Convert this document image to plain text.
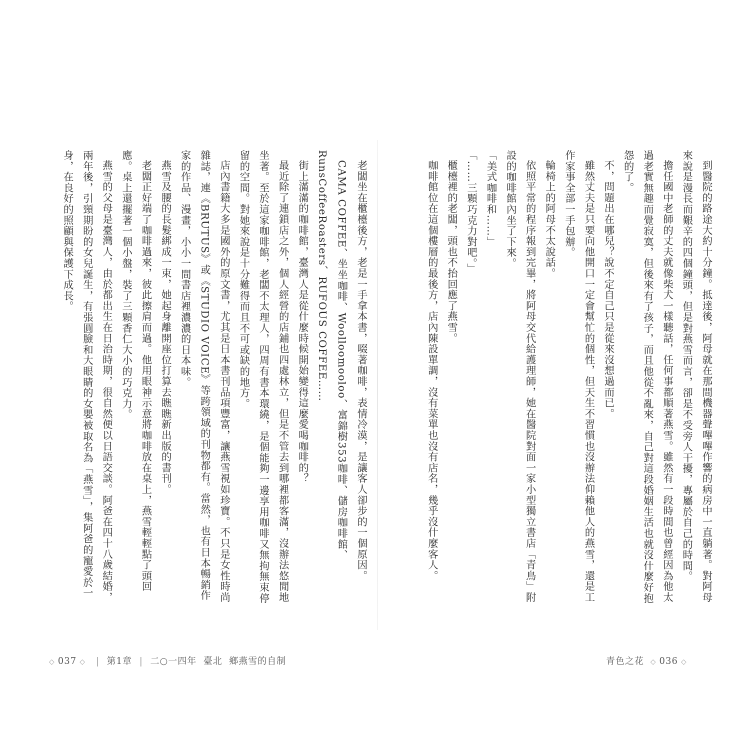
老闆坐在櫃檯後方，老是一手拿本書，啜著咖啡，表情冷漠，是讓客人卻步的一個原因。

CAMA COFFEE、坐坐咖啡、Woolloomooloo、富錦樹353咖啡、儲房咖啡館、RunsCoffeeRoasters、RUFOUS COFFEE……

街上滿滿的咖啡館，臺灣人是從什麼時候開始變得這麼愛喝咖啡的？

最近除了連鎖店之外，個人經營的店鋪也四處林立，但是不管去到哪裡都客滿，沒辦法悠閒地坐著。至於這家咖啡館，老闆不太理人，四周有書本環繞，是個能夠一邊享用咖啡又無拘無束停留的空間。對她來說是十分難得而且不可或缺的地方。

店內書籍大多是國外的原文書，尤其是日本書刊品項豐富，讓燕雪視如珍寶。不只是女性時尚雜誌，連《BRUTUS》或《STUDIO VOICE》等跨領域的刊物都有。當然，也有日本暢銷作家的作品、漫畫，小小一間書店裡濃濃的日本味。

燕雪及腰的長髮綁成一束，她起身離開座位打算去瞧瞧新出版的書刊。

老闆正好端了咖啡過來，彼此擦肩而過。他用眼神示意將咖啡放在桌上，燕雪輕輕點了頭回應。桌上還擺著一個小盤，裝了三顆香仁大小的巧克力。

燕雪的父母是臺灣人，由於都出生在日治時期，很自然便以日語交談。阿爸在四十八歲結婚，兩年後，引頸期盼的女兒誕生，有張圓臉和大眼睛的女嬰被取名為「燕雪」，集阿爸的寵愛於一身，在良好的照顧與保護下成長。	到醫院的路途大約十分鐘。抵達後，阿母就在那間機器聲嗶嗶作響的病房中一直躺著。對阿母來說是漫長而艱辛的四個鐘頭，但是對燕雪而言，卻是不受旁人干擾，專屬於自己的時間。

擔任國中老師的丈夫就像柴犬一樣聽話，任何事都順著燕雪。雖然有一段時間也曾經因為他太過老實無趣而覺寂寞，但後來有了孩子，而且他從不亂來，自己對這段婚姻生活也就沒什麼好抱怨的了。

不，問題出在哪兒？說不定自己只是從來沒想過而已。

雖然丈夫是只要向他開口一定會幫忙的個性，但天生不習慣也沒辦法仰賴他人的燕雪，還是工作家事全部一手包辦。

輪椅上的阿母不太說話。

依照平常的程序報到完畢，將阿母交代給護理師，她在醫院對面一家小型獨立書店「青鳥」附設的咖啡館內坐了下來。

「美式咖啡和……」

「……三顆巧克力對吧。」

櫃檯裡的老闆，頭也不抬回應了燕雪。

咖啡館位在這個樓層的最後方，店內陳設單調，沒有菜單也沒有店名，幾乎沒什麼客人。

◇ 037 ◇ | 第1章 | 二○一四年 臺北 鄉燕雪的自制	青色之花 ◇ 036 ◇
